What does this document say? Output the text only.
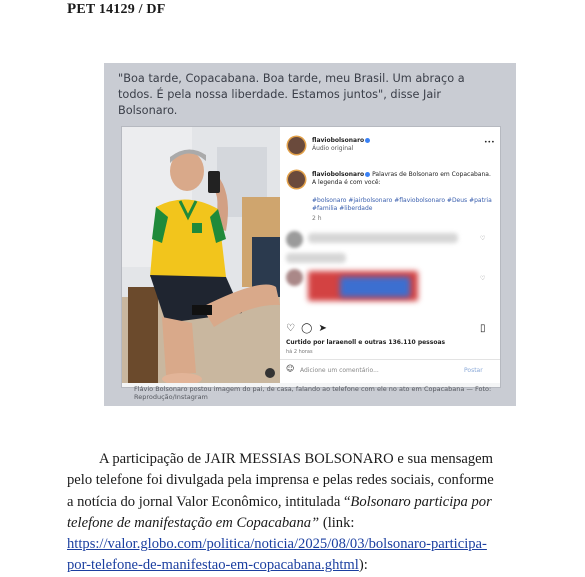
PET 14129 / DF
"Boa tarde, Copacabana. Boa tarde, meu Brasil. Um abraço a todos. É pela nossa liberdade. Estamos juntos", disse Jair Bolsonaro.
flaviobolsonaro
Áudio original
•••
flaviobolsonaro Palavras de Bolsonaro em Copacabana. A legenda é com você:
#bolsonaro #jairbolsonaro #flaviobolsonaro #Deus #patria #familia #liberdade
2 h
♡
♡
♡ ◯ ➤	▯
Curtido por laraenoll e outras 136.110 pessoas
há 2 horas
☺ Adicione um comentário...	Postar
Flávio Bolsonaro postou imagem do pai, de casa, falando ao telefone com ele no ato em Copacabana — Foto: Reprodução/Instagram
A participação de JAIR MESSIAS BOLSONARO e sua mensagem
pelo telefone foi divulgada pela imprensa e pelas redes sociais, conforme
a notícia do jornal Valor Econômico, intitulada “Bolsonaro participa por
telefone de manifestação em Copacabana” (link:
https://valor.globo.com/politica/noticia/2025/08/03/bolsonaro-participa-
por-telefone-de-manifestao-em-copacabana.ghtml):
